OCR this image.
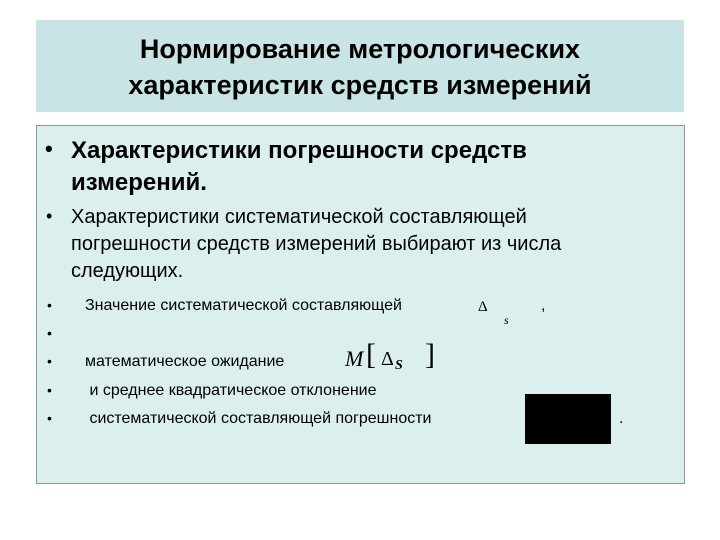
Нормирование метрологических
характеристик средств измерений
• Характеристики погрешности средств
измерений.
• Характеристики систематической составляющей
погрешности средств измерений выбирают из числа
следующих.
• Значение систематической составляющей	Δ
s
,
•
• математическое ожидание	M [ Δ S ]
• и среднее квадратическое отклонение
• систематической составляющей погрешности	.
